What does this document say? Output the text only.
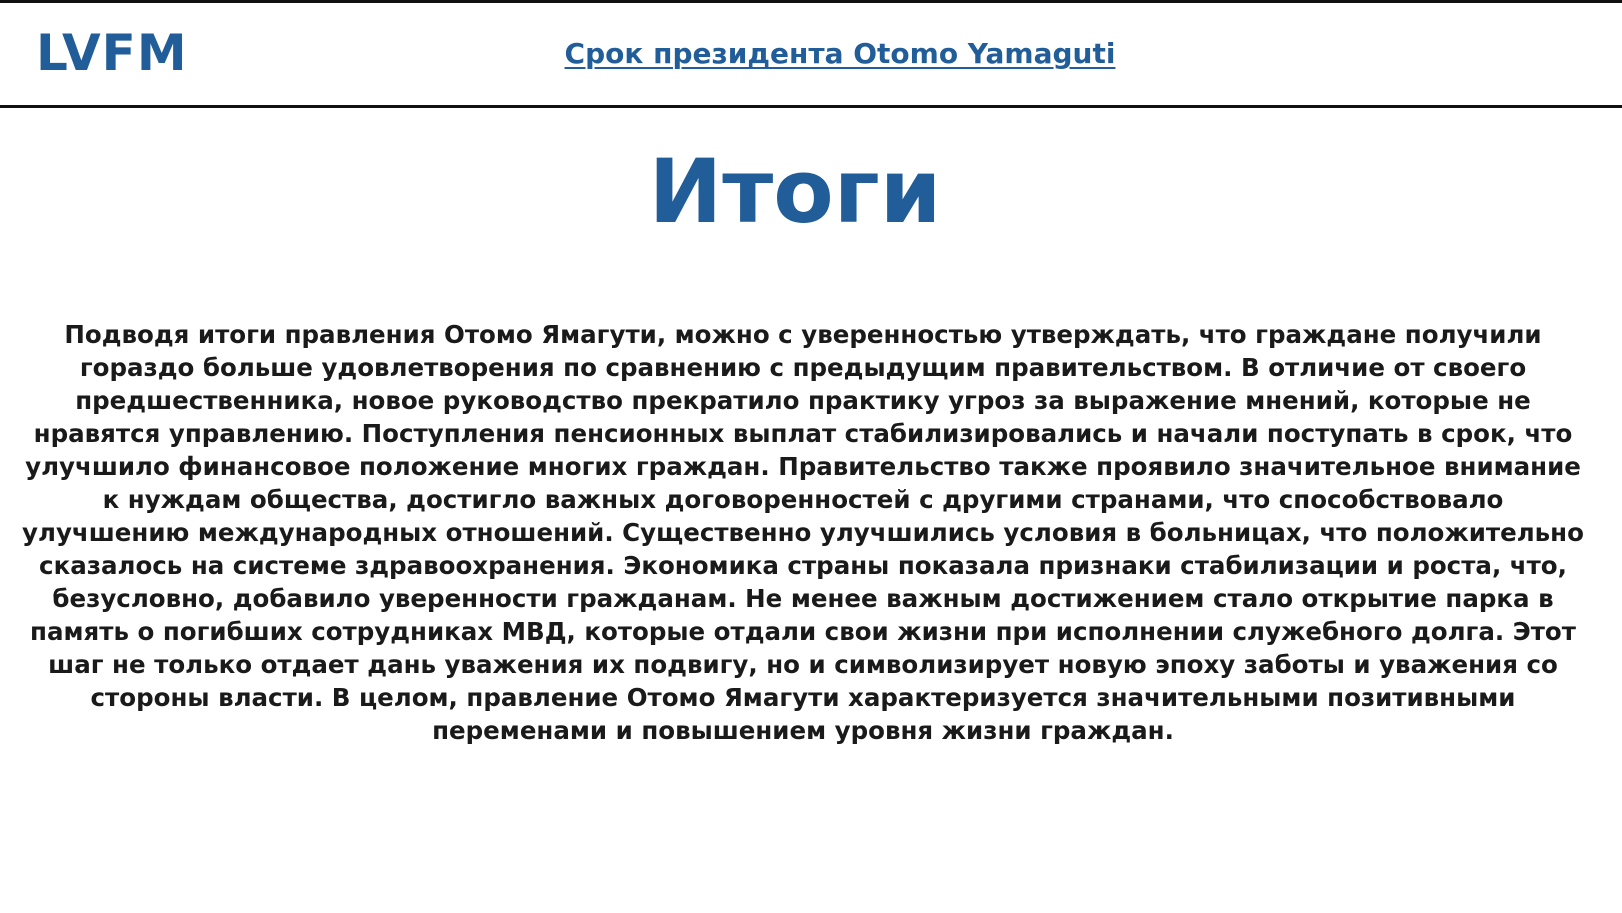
LVFM	Срок президента Otomo Yamaguti
Итоги

Подводя итоги правления Отомо Ямагути, можно с уверенностью утверждать, что граждане получили гораздо больше удовлетворения по сравнению с предыдущим правительством. В отличие от своего предшественника, новое руководство прекратило практику угроз за выражение мнений, которые не нравятся управлению. Поступления пенсионных выплат стабилизировались и начали поступать в срок, что улучшило финансовое положение многих граждан. Правительство также проявило значительное внимание к нуждам общества, достигло важных договоренностей с другими странами, что способствовало улучшению международных отношений. Существенно улучшились условия в больницах, что положительно сказалось на системе здравоохранения. Экономика страны показала признаки стабилизации и роста, что, безусловно, добавило уверенности гражданам. Не менее важным достижением стало открытие парка в память о погибших сотрудниках МВД, которые отдали свои жизни при исполнении служебного долга. Этот шаг не только отдает дань уважения их подвигу, но и символизирует новую эпоху заботы и уважения со стороны власти. В целом, правление Отомо Ямагути характеризуется значительными позитивными переменами и повышением уровня жизни граждан.
